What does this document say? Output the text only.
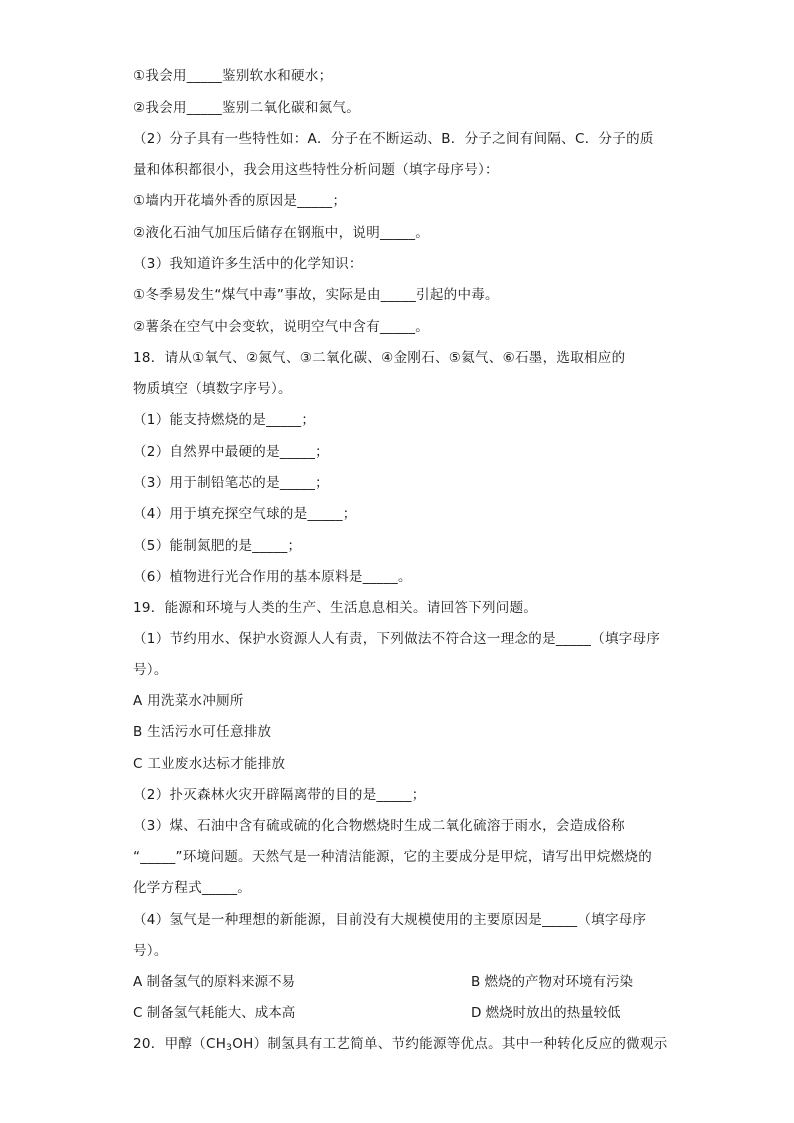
①我会用_____鉴别软水和硬水；
②我会用_____鉴别二氧化碳和氮气。
（2）分子具有一些特性如：A．分子在不断运动、B．分子之间有间隔、C．分子的质
量和体积都很小，我会用这些特性分析问题（填字母序号）：
①墙内开花墙外香的原因是_____；
②液化石油气加压后储存在钢瓶中，说明_____。
（3）我知道许多生活中的化学知识：
①冬季易发生“煤气中毒”事故，实际是由_____引起的中毒。
②薯条在空气中会变软，说明空气中含有_____。
18．请从①氧气、②氮气、③二氧化碳、④金刚石、⑤氦气、⑥石墨，选取相应的
物质填空（填数字序号）。
（1）能支持燃烧的是_____；
（2）自然界中最硬的是_____；
（3）用于制铅笔芯的是_____；
（4）用于填充探空气球的是_____；
（5）能制氮肥的是_____；
（6）植物进行光合作用的基本原料是_____。
19．能源和环境与人类的生产、生活息息相关。请回答下列问题。
（1）节约用水、保护水资源人人有责，下列做法不符合这一理念的是_____（填字母序
号）。
A 用洗菜水冲厕所
B 生活污水可任意排放
C 工业废水达标才能排放
（2）扑灭森林火灾开辟隔离带的目的是_____；
（3）煤、石油中含有硫或硫的化合物燃烧时生成二氧化硫溶于雨水，会造成俗称
“_____”环境问题。天然气是一种清洁能源，它的主要成分是甲烷，请写出甲烷燃烧的
化学方程式_____。
（4）氢气是一种理想的新能源，目前没有大规模使用的主要原因是_____（填字母序
号）。
A 制备氢气的原料来源不易	B 燃烧的产物对环境有污染
C 制备氢气耗能大、成本高	D 燃烧时放出的热量较低
20．甲醇$(CH_3OH)$制氢具有工艺简单、节约能源等优点。其中一种转化反应的微观示
